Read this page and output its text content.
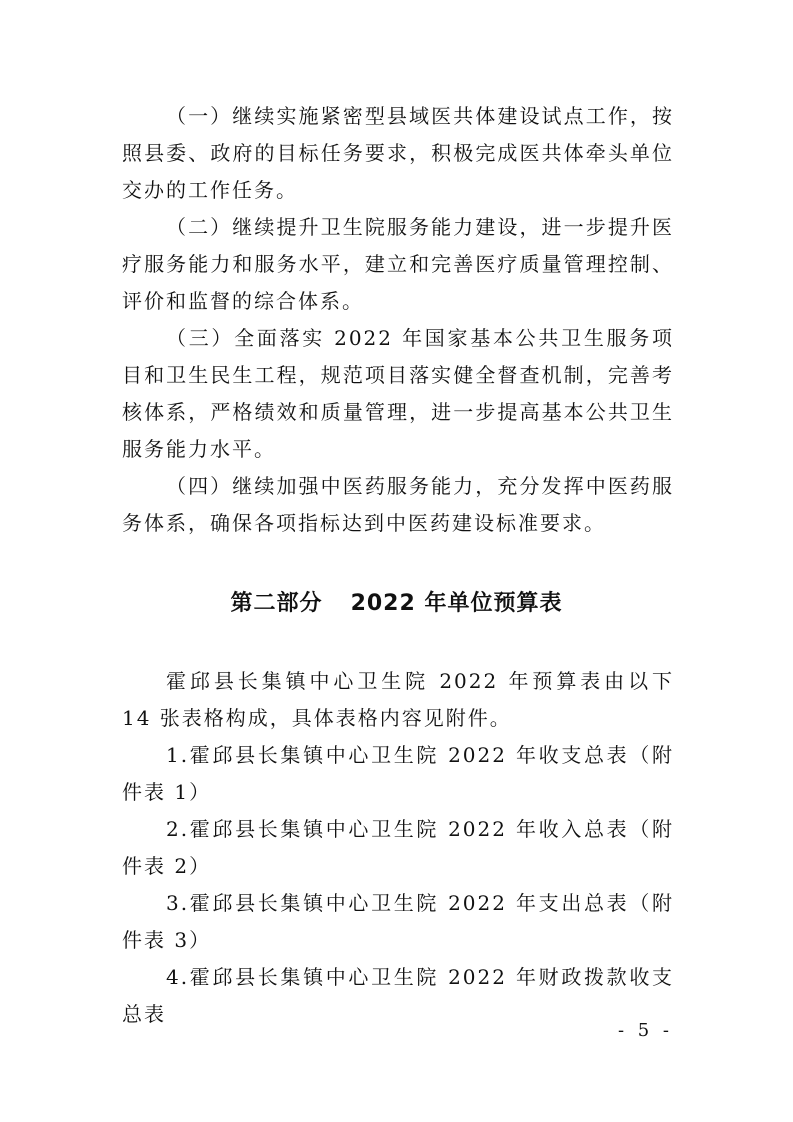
（一）继续实施紧密型县域医共体建设试点工作，按照县委、政府的目标任务要求，积极完成医共体牵头单位交办的工作任务。

（二）继续提升卫生院服务能力建设，进一步提升医疗服务能力和服务水平，建立和完善医疗质量管理控制、评价和监督的综合体系。

（三）全面落实 2022 年国家基本公共卫生服务项目和卫生民生工程，规范项目落实健全督查机制，完善考核体系，严格绩效和质量管理，进一步提高基本公共卫生服务能力水平。

（四）继续加强中医药服务能力，充分发挥中医药服务体系，确保各项指标达到中医药建设标准要求。

第二部分 2022 年单位预算表

霍邱县长集镇中心卫生院 2022 年预算表由以下 14 张表格构成，具体表格内容见附件。

1.霍邱县长集镇中心卫生院 2022 年收支总表（附件表 1）

2.霍邱县长集镇中心卫生院 2022 年收入总表（附件表 2）

3.霍邱县长集镇中心卫生院 2022 年支出总表（附件表 3）

4.霍邱县长集镇中心卫生院 2022 年财政拨款收支总表

- 5 -
